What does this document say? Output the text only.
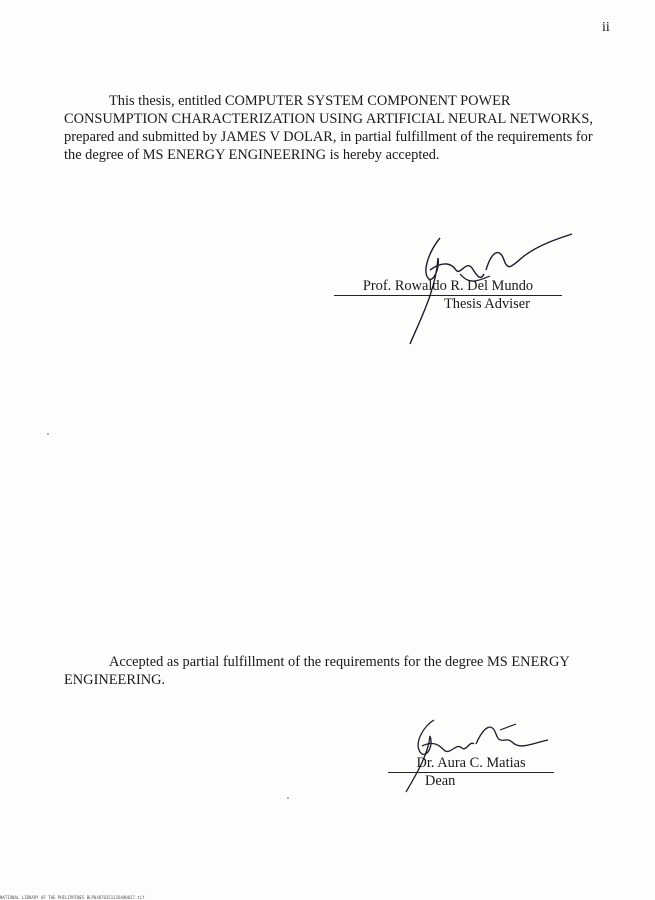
ii

This thesis, entitled COMPUTER SYSTEM COMPONENT POWER CONSUMPTION CHARACTERIZATION USING ARTIFICIAL NEURAL NETWORKS, prepared and submitted by JAMES V DOLAR, in partial fulfillment of the requirements for the degree of MS ENERGY ENGINEERING is hereby accepted.

Prof. Rowaldo R. Del Mundo
Thesis Adviser

Accepted as partial fulfillment of the requirements for the degree MS ENERGY ENGINEERING.

Dr. Aura C. Matias
Dean
NATIONAL LIBRARY OF THE PHILIPPINES BLP04070351116480027.tif
